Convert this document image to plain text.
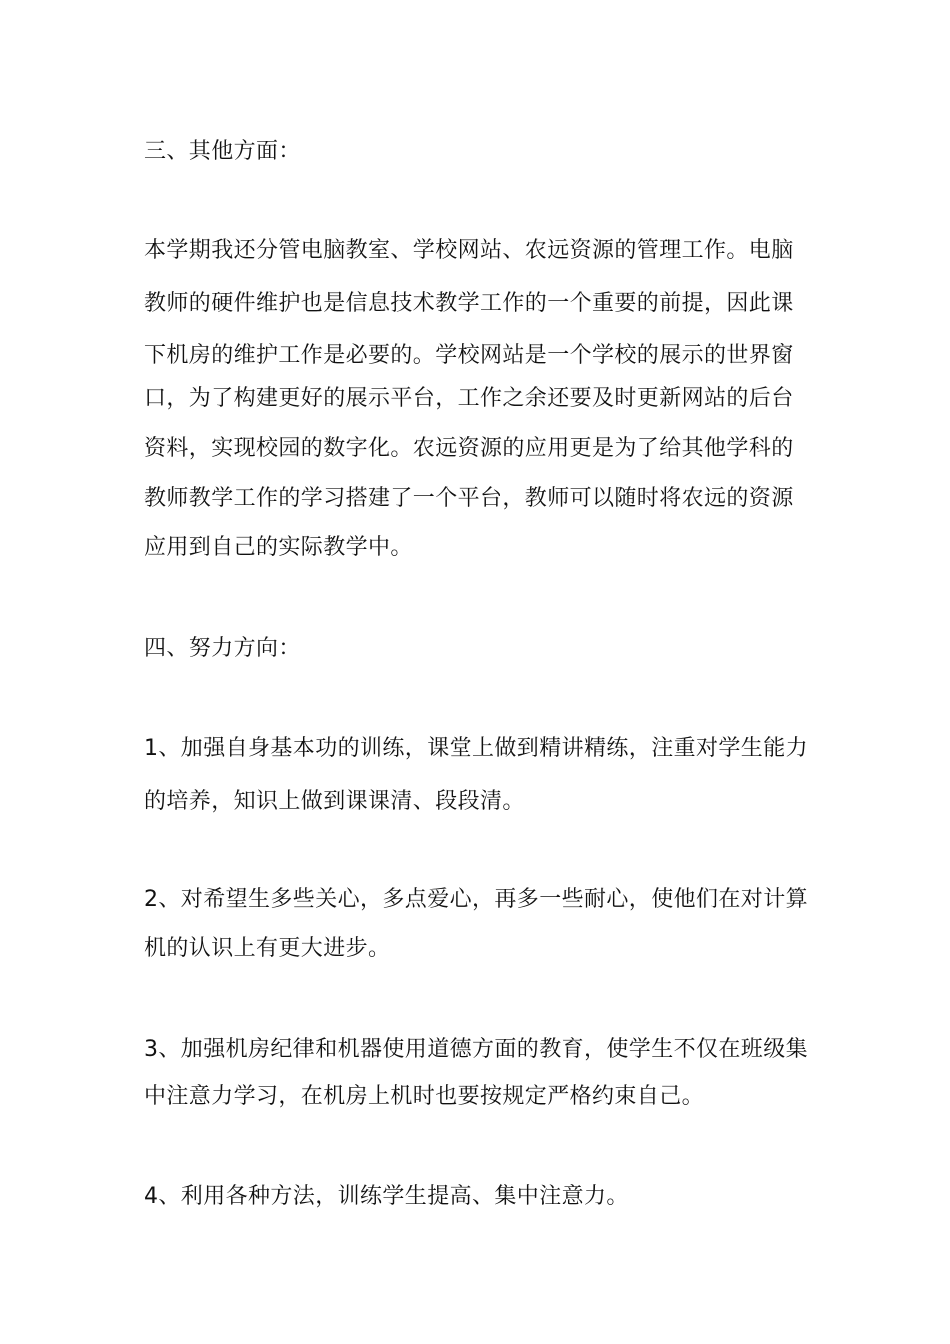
三、其他方面：
本学期我还分管电脑教室、学校网站、农远资源的管理工作。电脑
教师的硬件维护也是信息技术教学工作的一个重要的前提，因此课
下机房的维护工作是必要的。学校网站是一个学校的展示的世界窗
口，为了构建更好的展示平台，工作之余还要及时更新网站的后台
资料，实现校园的数字化。农远资源的应用更是为了给其他学科的
教师教学工作的学习搭建了一个平台，教师可以随时将农远的资源
应用到自己的实际教学中。
四、努力方向：
1、加强自身基本功的训练，课堂上做到精讲精练，注重对学生能力
的培养，知识上做到课课清、段段清。
2、对希望生多些关心，多点爱心，再多一些耐心，使他们在对计算
机的认识上有更大进步。
3、加强机房纪律和机器使用道德方面的教育，使学生不仅在班级集
中注意力学习，在机房上机时也要按规定严格约束自己。
4、利用各种方法，训练学生提高、集中注意力。
